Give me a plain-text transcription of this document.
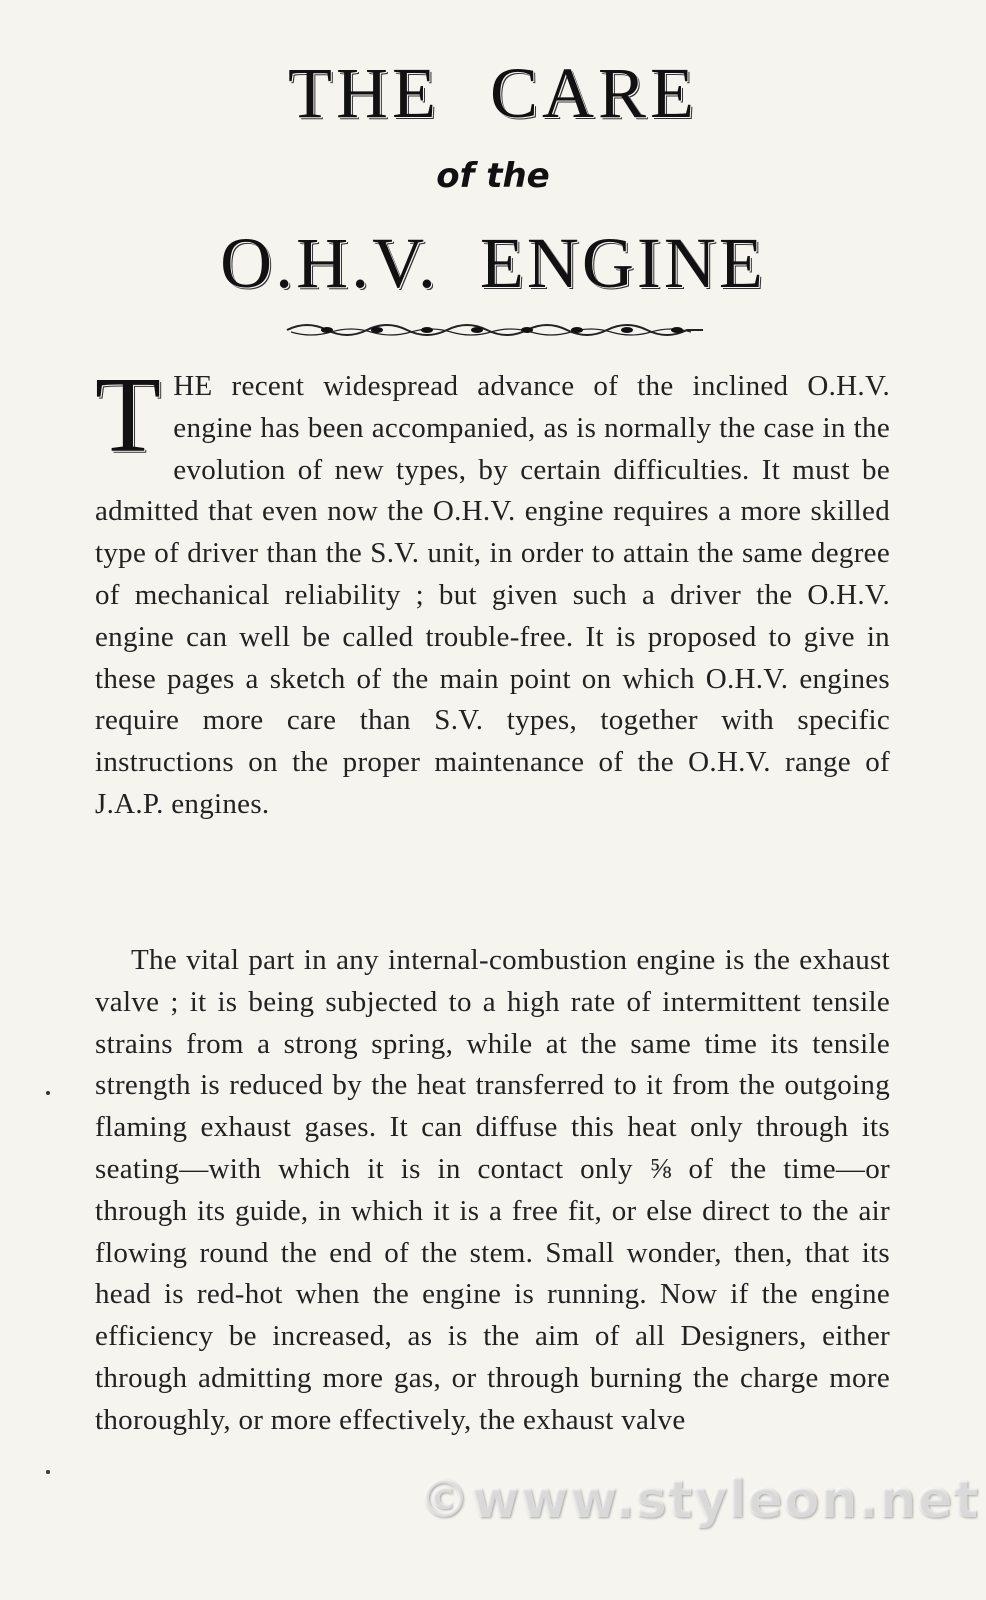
THE CARE
of the
O.H.V. ENGINE

THE recent widespread advance of the inclined O.H.V. engine has been accompanied, as is normally the case in the evolution of new types, by certain difficulties. It must be admitted that even now the O.H.V. engine requires a more skilled type of driver than the S.V. unit, in order to attain the same degree of mechanical reliability ; but given such a driver the O.H.V. engine can well be called trouble-free. It is proposed to give in these pages a sketch of the main point on which O.H.V. engines require more care than S.V. types, together with specific instructions on the proper maintenance of the O.H.V. range of J.A.P. engines.

The vital part in any internal-combustion engine is the exhaust valve ; it is being subjected to a high rate of intermittent tensile strains from a strong spring, while at the same time its tensile strength is reduced by the heat transferred to it from the outgoing flaming exhaust gases. It can diffuse this heat only through its seating—with which it is in contact only ⅝ of the time—or through its guide, in which it is a free fit, or else direct to the air flowing round the end of the stem. Small wonder, then, that its head is red-hot when the engine is running. Now if the engine efficiency be increased, as is the aim of all Designers, either through admitting more gas, or through burning the charge more thoroughly, or more effectively, the exhaust valve

©www.styleon.net
